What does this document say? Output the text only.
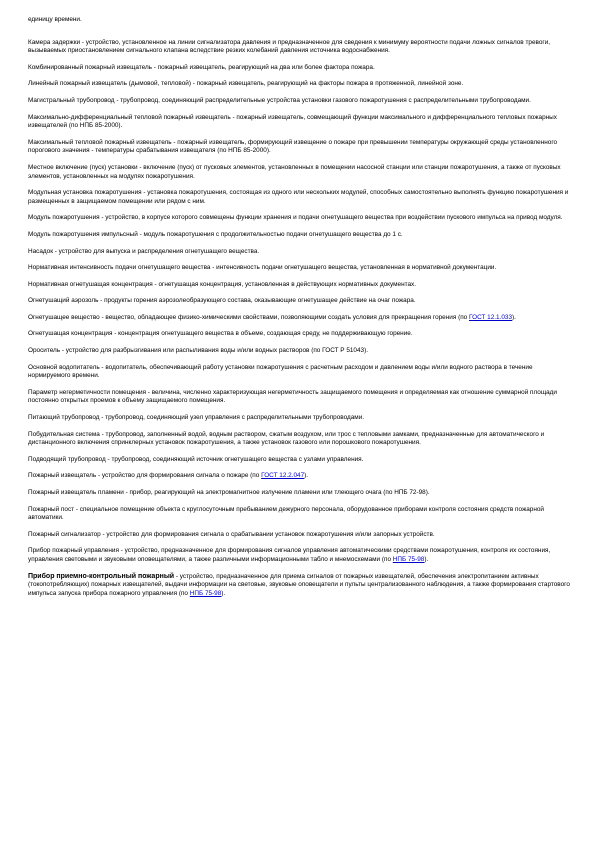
единицу времени.

Камера задержки - устройство, установленное на линии сигнализатора давления и предназначенное для сведения к минимуму вероятности подачи ложных сигналов тревоги, вызываемых приостановлением сигнального клапана вследствие резких колебаний давления источника водоснабжения.

Комбинированный пожарный извещатель - пожарный извещатель, реагирующий на два или более фактора пожара.

Линейный пожарный извещатель (дымовой, тепловой) - пожарный извещатель, реагирующий на факторы пожара в протяженной, линейной зоне.

Магистральный трубопровод - трубопровод, соединяющий распределительные устройства установки газового пожаротушения с распределительными трубопроводами.

Максимально-дифференциальный тепловой пожарный извещатель - пожарный извещатель, совмещающий функции максимального и дифференциального тепловых пожарных извещателей (по НПБ 85-2000).

Максимальный тепловой пожарный извещатель - пожарный извещатель, формирующий извещение о пожаре при превышении температуры окружающей среды установленного порогового значения - температуры срабатывания извещателя (по НПБ 85-2000).

Местное включение (пуск) установки - включение (пуск) от пусковых элементов, установленных в помещении насосной станции или станции пожаротушения, а также от пусковых элементов, установленных на модулях пожаротушения.

Модульная установка пожаротушения - установка пожаротушения, состоящая из одного или нескольких модулей, способных самостоятельно выполнять функцию пожаротушения и размещенных в защищаемом помещении или рядом с ним.

Модуль пожаротушения - устройство, в корпусе которого совмещены функции хранения и подачи огнетушащего вещества при воздействии пускового импульса на привод модуля.

Модуль пожаротушения импульсный - модуль пожаротушения с продолжительностью подачи огнетушащего вещества до 1 с.

Насадок - устройство для выпуска и распределения огнетушащего вещества.

Нормативная интенсивность подачи огнетушащего вещества - интенсивность подачи огнетушащего вещества, установленная в нормативной документации.

Нормативная огнетушащая концентрация - огнетушащая концентрация, установленная в действующих нормативных документах.

Огнетушащий аэрозоль - продукты горения аэрозолеобразующего состава, оказывающие огнетушащее действие на очаг пожара.

Огнетушащее вещество - вещество, обладающее физико-химическими свойствами, позволяющими создать условия для прекращения горения (по ГОСТ 12.1.033).

Огнетушащая концентрация - концентрация огнетушащего вещества в объеме, создающая среду, не поддерживающую горение.

Ороситель - устройство для разбрызгивания или распыливания воды и/или водных растворов (по ГОСТ Р 51043).

Основной водопитатель - водопитатель, обеспечивающий работу установки пожаротушения с расчетным расходом и давлением воды и/или водного раствора в течение нормируемого времени.

Параметр негерметичности помещения - величина, численно характеризующая негерметичность защищаемого помещения и определяемая как отношение суммарной площади постоянно открытых проемов к объему защищаемого помещения.

Питающий трубопровод - трубопровод, соединяющий узел управления с распределительными трубопроводами.

Побудительная система - трубопровод, заполненный водой, водным раствором, сжатым воздухом, или трос с тепловыми замками, предназначенные для автоматического и дистанционного включения спринклерных установок пожаротушения, а также установок газового или порошкового пожаротушения.

Подводящий трубопровод - трубопровод, соединяющий источник огнетушащего вещества с узлами управления.

Пожарный извещатель - устройство для формирования сигнала о пожаре (по ГОСТ 12.2.047).

Пожарный извещатель пламени - прибор, реагирующий на электромагнитное излучение пламени или тлеющего очага (по НПБ 72-98).

Пожарный пост - специальное помещение объекта с круглосуточным пребыванием дежурного персонала, оборудованное приборами контроля состояния средств пожарной автоматики.

Пожарный сигнализатор - устройство для формирования сигнала о срабатывании установок пожаротушения и/или запорных устройств.

Прибор пожарный управления - устройство, предназначенное для формирования сигналов управления автоматическими средствами пожаротушения, контроля их состояния, управления световыми и звуковыми оповещателями, а также различными информационными табло и мнемосхемами (по НПБ 75-98).

Прибор приемно-контрольный пожарный - устройство, предназначенное для приема сигналов от пожарных извещателей, обеспечения электропитанием активных (токопотребляющих) пожарных извещателей, выдачи информации на световые, звуковые оповещатели и пульты централизованного наблюдения, а также формирования стартового импульса запуска прибора пожарного управления (по НПБ 75-98).
